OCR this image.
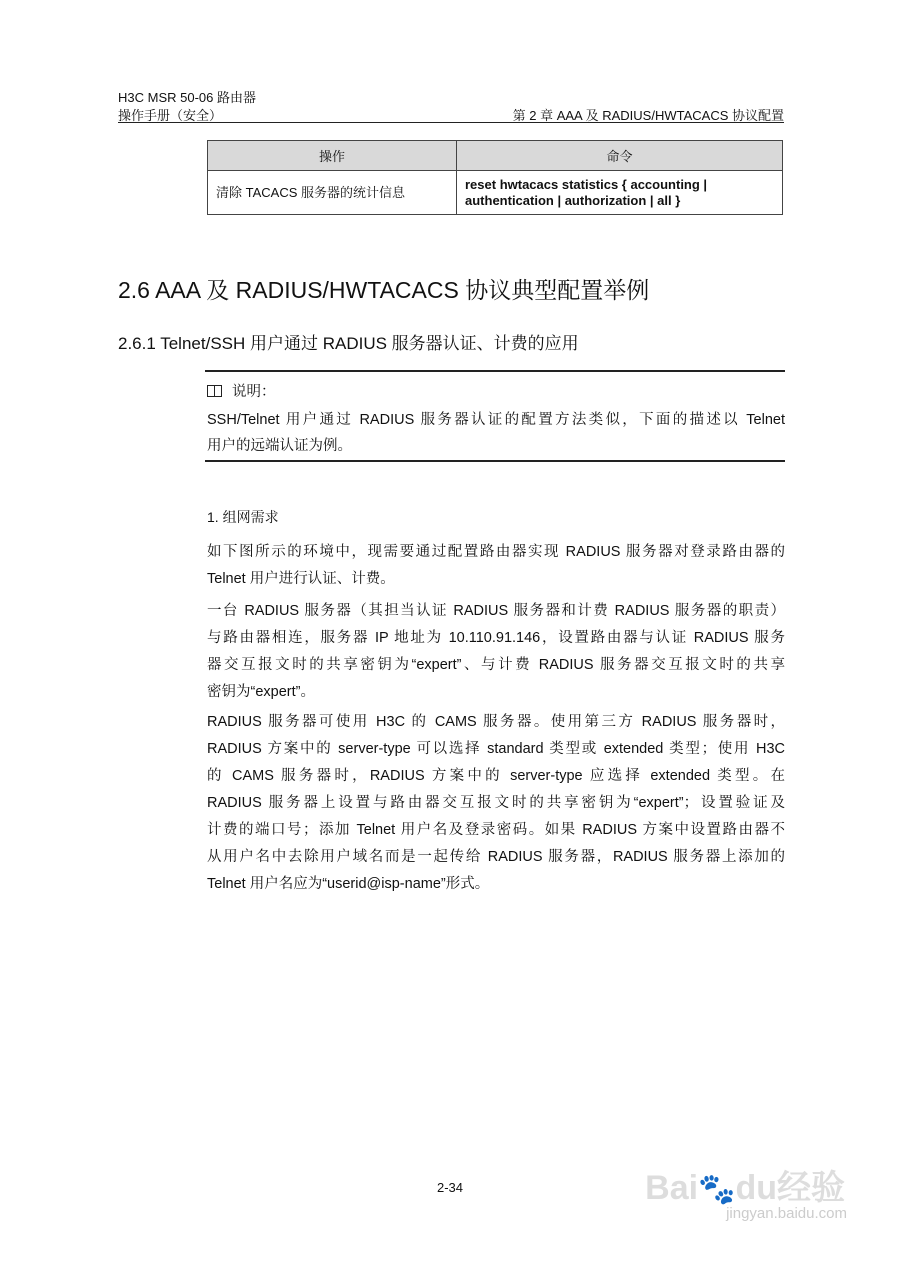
H3C MSR 50-06 路由器
操作手册（安全）	第 2 章 AAA 及 RADIUS/HWTACACS 协议配置
操作	命令
清除 TACACS 服务器的统计信息	reset hwtacacs statistics { accounting |
authentication | authorization | all }
2.6 AAA 及 RADIUS/HWTACACS 协议典型配置举例
2.6.1 Telnet/SSH 用户通过 RADIUS 服务器认证、计费的应用
说明：
SSH/Telnet 用户通过 RADIUS 服务器认证的配置方法类似，下面的描述以 Telnet
用户的远端认证为例。
1. 组网需求
如下图所示的环境中，现需要通过配置路由器实现 RADIUS 服务器对登录路由器的
Telnet 用户进行认证、计费。
一台 RADIUS 服务器（其担当认证 RADIUS 服务器和计费 RADIUS 服务器的职责）
与路由器相连，服务器 IP 地址为 10.110.91.146，设置路由器与认证 RADIUS 服务
器交互报文时的共享密钥为“expert”、与计费 RADIUS 服务器交互报文时的共享
密钥为“expert”。
RADIUS 服务器可使用 H3C 的 CAMS 服务器。使用第三方 RADIUS 服务器时，
RADIUS 方案中的 server-type 可以选择 standard 类型或 extended 类型；使用 H3C
的 CAMS 服务器时，RADIUS 方案中的 server-type 应选择 extended 类型。在
RADIUS 服务器上设置与路由器交互报文时的共享密钥为“expert”；设置验证及
计费的端口号；添加 Telnet 用户名及登录密码。如果 RADIUS 方案中设置路由器不
从用户名中去除用户域名而是一起传给 RADIUS 服务器，RADIUS 服务器上添加的
Telnet 用户名应为“userid@isp-name”形式。
2-34	Bai🐾du经验
jingyan.baidu.com
